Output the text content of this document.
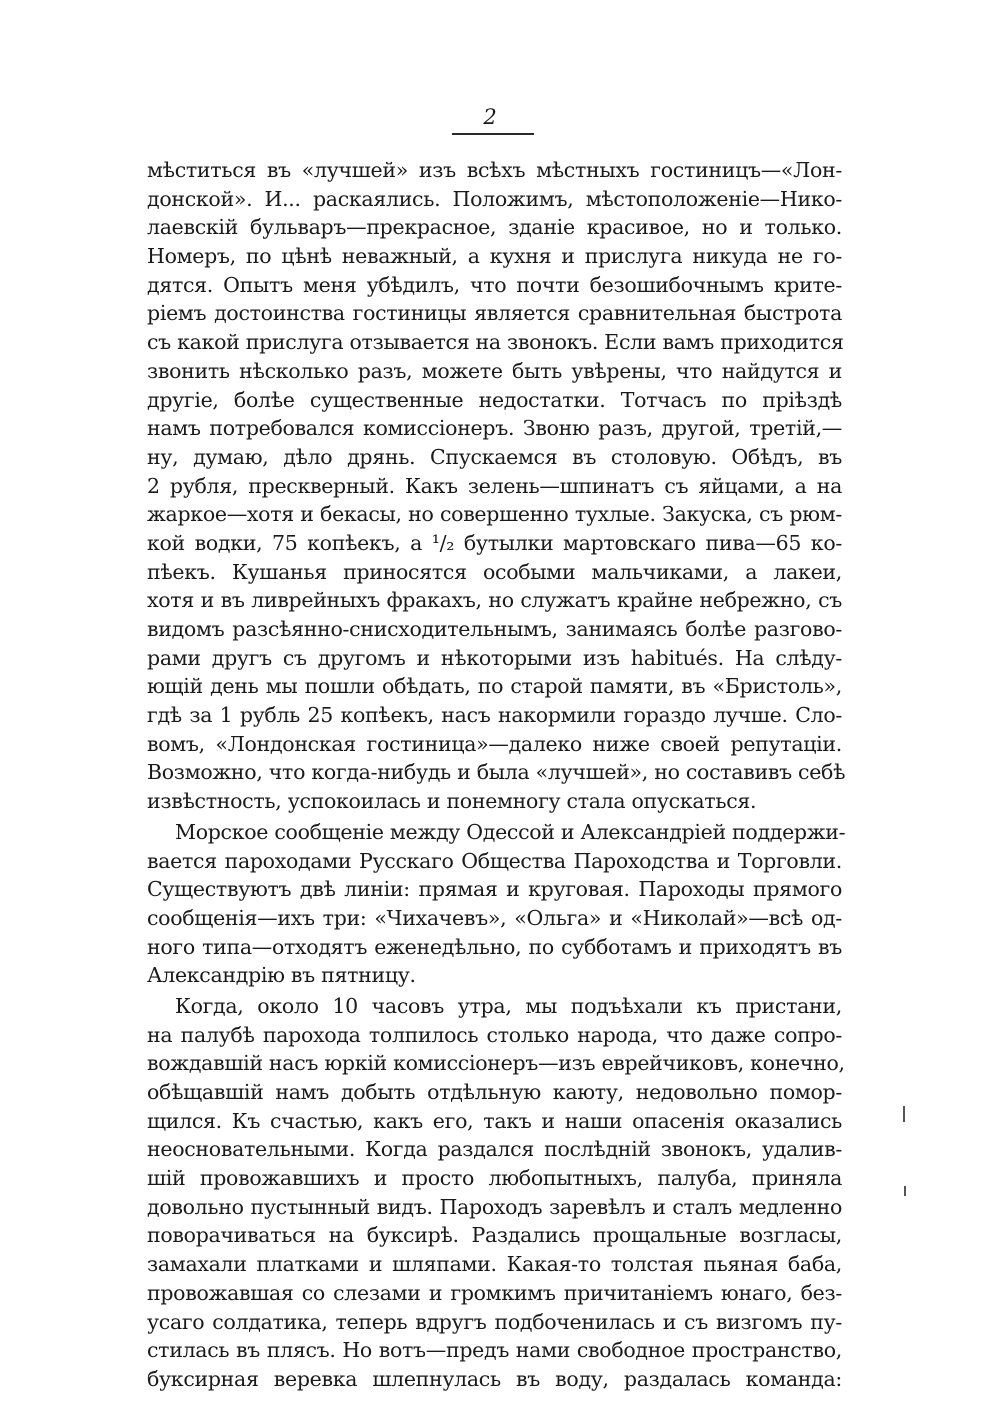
2
мѣститься въ «лучшей» изъ всѣхъ мѣстныхъ гостиницъ—«Лон-
донской». И... раскаялись. Положимъ, мѣстоположеніе—Нико-
лаевскій бульваръ—прекрасное, зданіе красивое, но и только.
Номеръ, по цѣнѣ неважный, а кухня и прислуга никуда не го-
дятся. Опытъ меня убѣдилъ, что почти безошибочнымъ крите-
ріемъ достоинства гостиницы является сравнительная быстрота
съ какой прислуга отзывается на звонокъ. Если вамъ приходится
звонить нѣсколько разъ, можете быть увѣрены, что найдутся и
другіе, болѣе существенные недостатки. Тотчасъ по пріѣздѣ
намъ потребовался комиссіонеръ. Звоню разъ, другой, третій,—
ну, думаю, дѣло дрянь. Спускаемся въ столовую. Обѣдъ, въ
2 рубля, прескверный. Какъ зелень—шпинатъ съ яйцами, а на
жаркое—хотя и бекасы, но совершенно тухлые. Закуска, съ рюм-
кой водки, 75 копѣекъ, а ¹/₂ бутылки мартовскаго пива—65 ко-
пѣекъ. Кушанья приносятся особыми мальчиками, а лакеи,
хотя и въ ливрейныхъ фракахъ, но служатъ крайне небрежно, съ
видомъ разсѣянно-снисходительнымъ, занимаясь болѣе разгово-
рами другъ съ другомъ и нѣкоторыми изъ habitués. На слѣду-
ющій день мы пошли обѣдать, по старой памяти, въ «Бристоль»,
гдѣ за 1 рубль 25 копѣекъ, насъ накормили гораздо лучше. Сло-
вомъ, «Лондонская гостиница»—далеко ниже своей репутаціи.
Возможно, что когда-нибудь и была «лучшей», но составивъ себѣ
извѣстность, успокоилась и понемногу стала опускаться.
Морское сообщеніе между Одессой и Александріей поддержи-
вается пароходами Русскаго Общества Пароходства и Торговли.
Существуютъ двѣ линіи: прямая и круговая. Пароходы прямого
сообщенія—ихъ три: «Чихачевъ», «Ольга» и «Николай»—всѣ од-
ного типа—отходятъ еженедѣльно, по субботамъ и приходятъ въ
Александрію въ пятницу.
Когда, около 10 часовъ утра, мы подъѣхали къ пристани,
на палубѣ парохода толпилось столько народа, что даже сопро-
вождавшій насъ юркій комиссіонеръ—изъ еврейчиковъ, конечно,
обѣщавшій намъ добыть отдѣльную каюту, недовольно помор-
щился. Къ счастью, какъ его, такъ и наши опасенія оказались
неосновательными. Когда раздался послѣдній звонокъ, удалив-
шій провожавшихъ и просто любопытныхъ, палуба, приняла
довольно пустынный видъ. Пароходъ заревѣлъ и сталъ медленно
поворачиваться на буксирѣ. Раздались прощальные возгласы,
замахали платками и шляпами. Какая-то толстая пьяная баба,
провожавшая со слезами и громкимъ причитаніемъ юнаго, без-
усаго солдатика, теперь вдругъ подбоченилась и съ визгомъ пу-
стилась въ плясъ. Но вотъ—предъ нами свободное пространство,
буксирная веревка шлепнулась въ воду, раздалась команда:
